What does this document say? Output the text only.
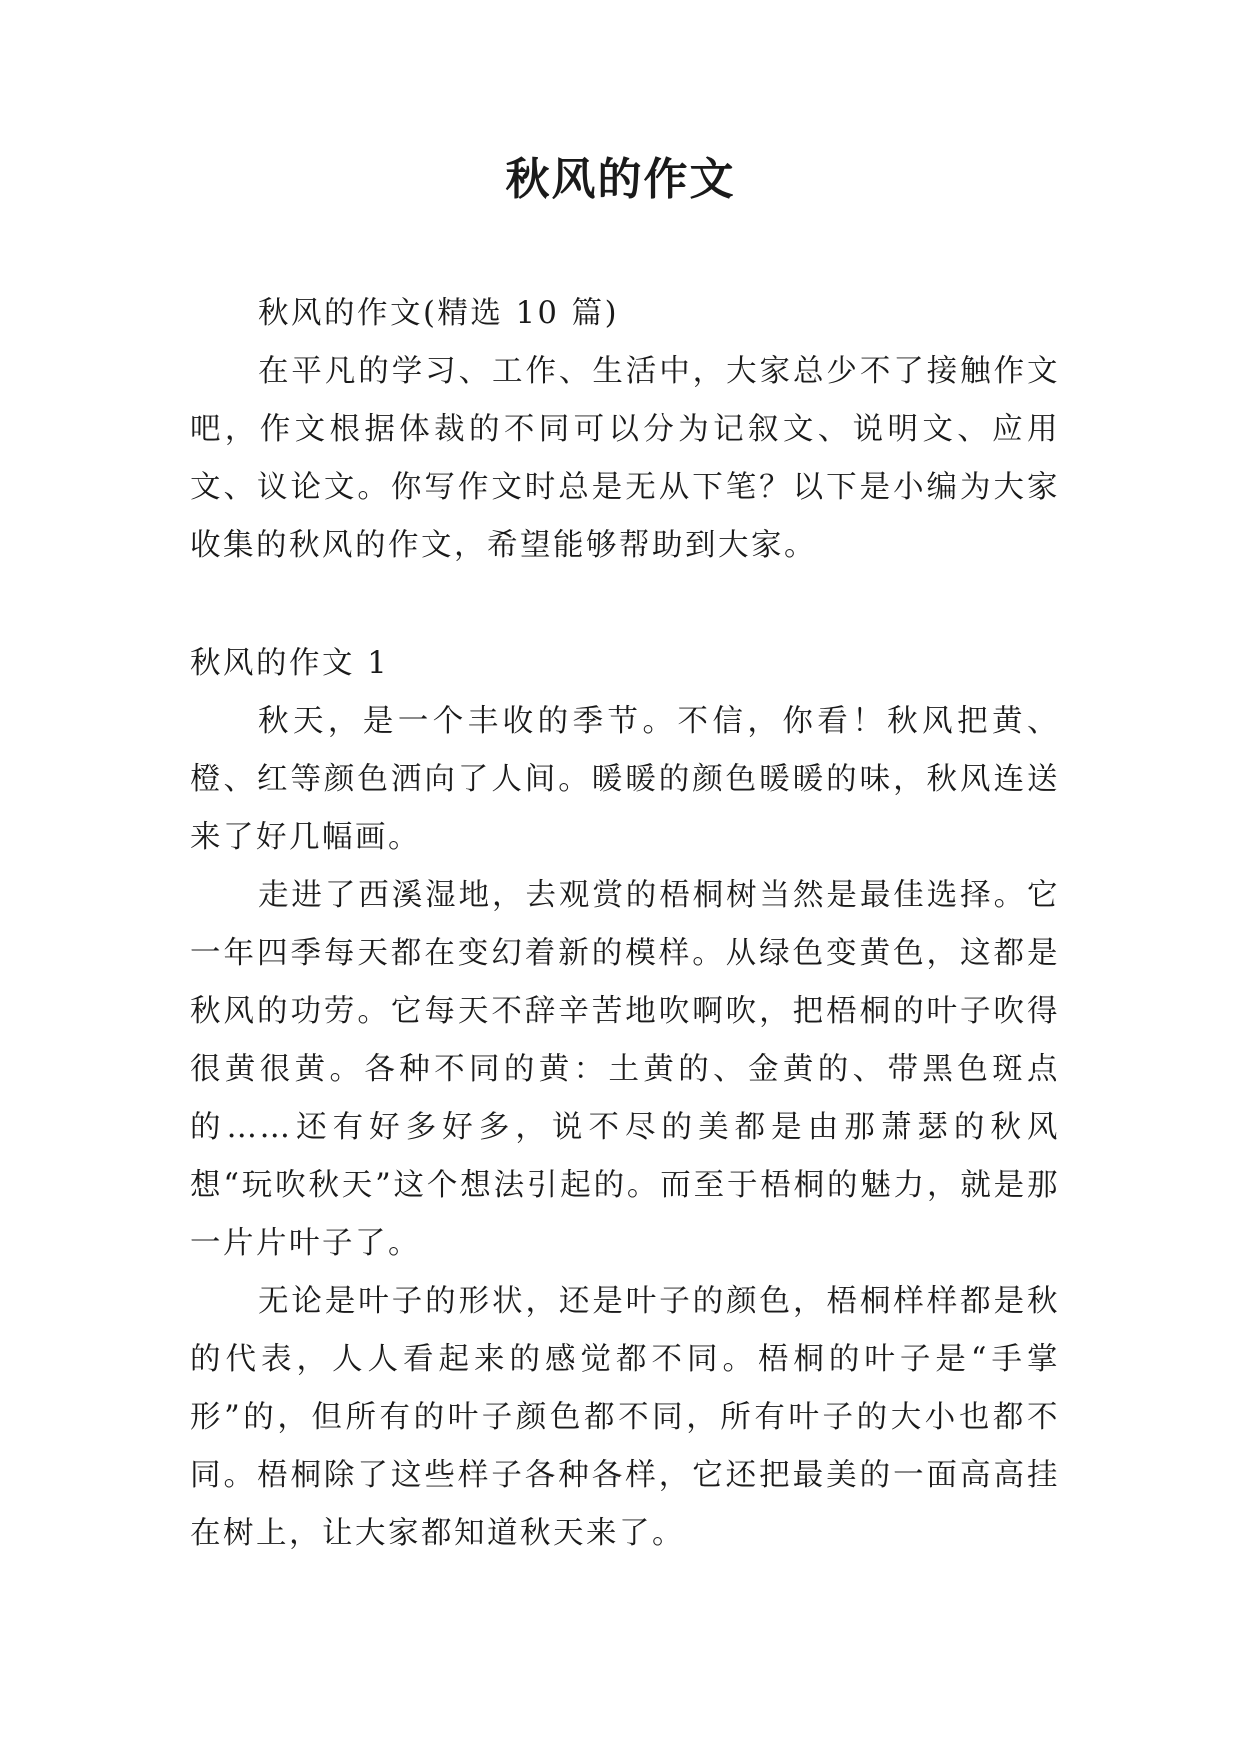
秋风的作文

秋风的作文(精选 10 篇)

在平凡的学习、工作、生活中，大家总少不了接触作文吧，作文根据体裁的不同可以分为记叙文、说明文、应用文、议论文。你写作文时总是无从下笔？以下是小编为大家收集的秋风的作文，希望能够帮助到大家。

秋风的作文 1

秋天，是一个丰收的季节。不信，你看！秋风把黄、橙、红等颜色洒向了人间。暖暖的颜色暖暖的味，秋风连送来了好几幅画。

走进了西溪湿地，去观赏的梧桐树当然是最佳选择。它一年四季每天都在变幻着新的模样。从绿色变黄色，这都是秋风的功劳。它每天不辞辛苦地吹啊吹，把梧桐的叶子吹得很黄很黄。各种不同的黄：土黄的、金黄的、带黑色斑点的……还有好多好多，说不尽的美都是由那萧瑟的秋风想“玩吹秋天”这个想法引起的。而至于梧桐的魅力，就是那一片片叶子了。

无论是叶子的形状，还是叶子的颜色，梧桐样样都是秋的代表，人人看起来的感觉都不同。梧桐的叶子是“手掌形”的，但所有的叶子颜色都不同，所有叶子的大小也都不同。梧桐除了这些样子各种各样，它还把最美的一面高高挂在树上，让大家都知道秋天来了。
